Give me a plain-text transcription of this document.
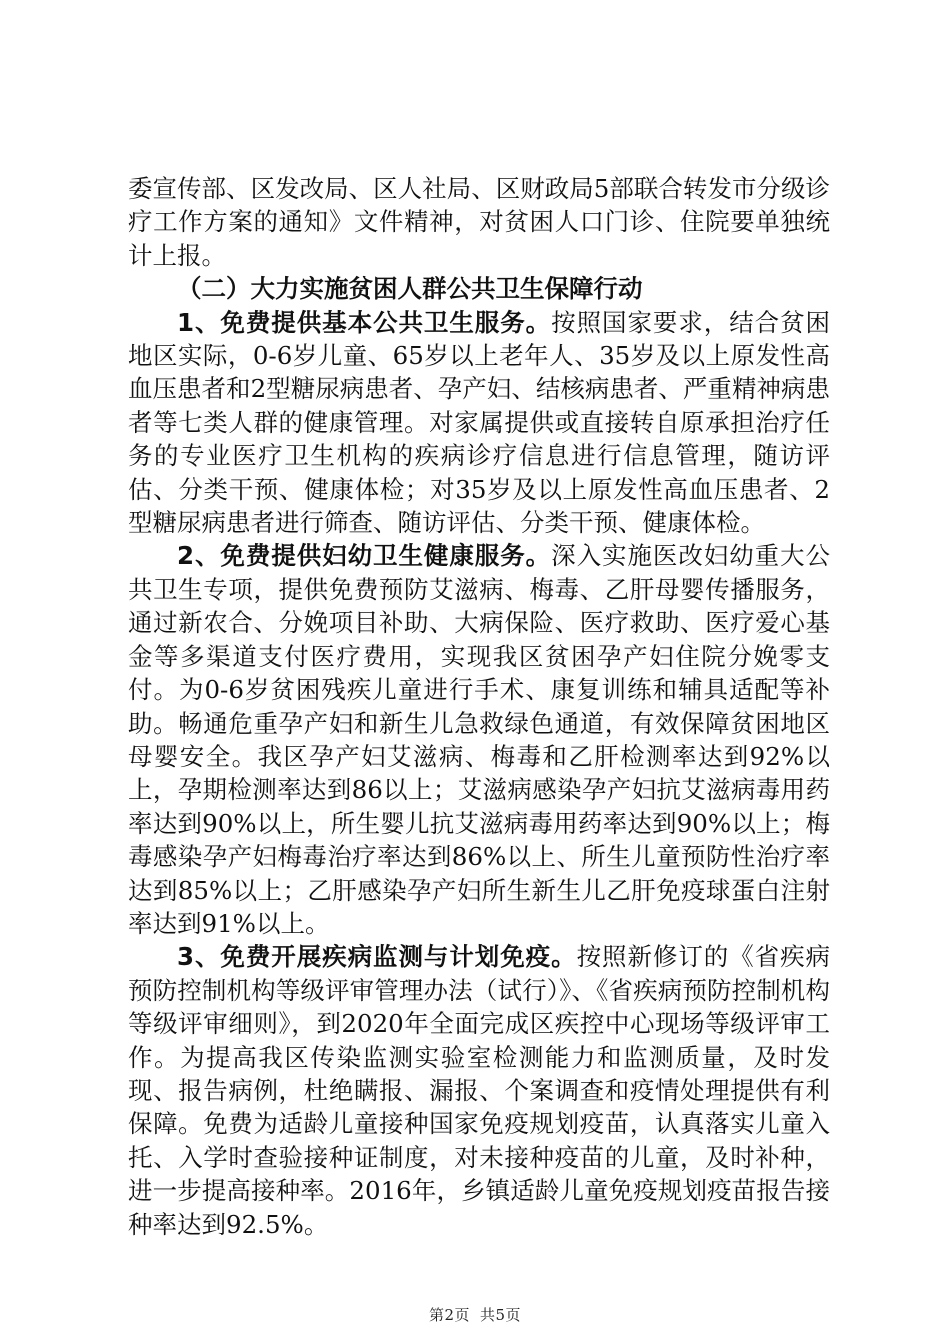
委宣传部、区发改局、区人社局、区财政局5部联合转发市分级诊疗工作方案的通知》文件精神，对贫困人口门诊、住院要单独统计上报。

（二）大力实施贫困人群公共卫生保障行动

1、免费提供基本公共卫生服务。按照国家要求，结合贫困地区实际，0-6岁儿童、65岁以上老年人、35岁及以上原发性高血压患者和2型糖尿病患者、孕产妇、结核病患者、严重精神病患者等七类人群的健康管理。对家属提供或直接转自原承担治疗任务的专业医疗卫生机构的疾病诊疗信息进行信息管理，随访评估、分类干预、健康体检；对35岁及以上原发性高血压患者、2型糖尿病患者进行筛查、随访评估、分类干预、健康体检。

2、免费提供妇幼卫生健康服务。深入实施医改妇幼重大公共卫生专项，提供免费预防艾滋病、梅毒、乙肝母婴传播服务，通过新农合、分娩项目补助、大病保险、医疗救助、医疗爱心基金等多渠道支付医疗费用，实现我区贫困孕产妇住院分娩零支付。为0-6岁贫困残疾儿童进行手术、康复训练和辅具适配等补助。畅通危重孕产妇和新生儿急救绿色通道，有效保障贫困地区母婴安全。我区孕产妇艾滋病、梅毒和乙肝检测率达到92%以上，孕期检测率达到86以上；艾滋病感染孕产妇抗艾滋病毒用药率达到90%以上，所生婴儿抗艾滋病毒用药率达到90%以上；梅毒感染孕产妇梅毒治疗率达到86%以上、所生儿童预防性治疗率达到85%以上；乙肝感染孕产妇所生新生儿乙肝免疫球蛋白注射率达到91%以上。

3、免费开展疾病监测与计划免疫。按照新修订的《省疾病预防控制机构等级评审管理办法（试行）》、《省疾病预防控制机构等级评审细则》，到2020年全面完成区疾控中心现场等级评审工作。为提高我区传染监测实验室检测能力和监测质量，及时发现、报告病例，杜绝瞒报、漏报、个案调查和疫情处理提供有利保障。免费为适龄儿童接种国家免疫规划疫苗，认真落实儿童入托、入学时查验接种证制度，对未接种疫苗的儿童，及时补种，进一步提高接种率。2016年，乡镇适龄儿童免疫规划疫苗报告接种率达到92.5%。

第2页 共5页
